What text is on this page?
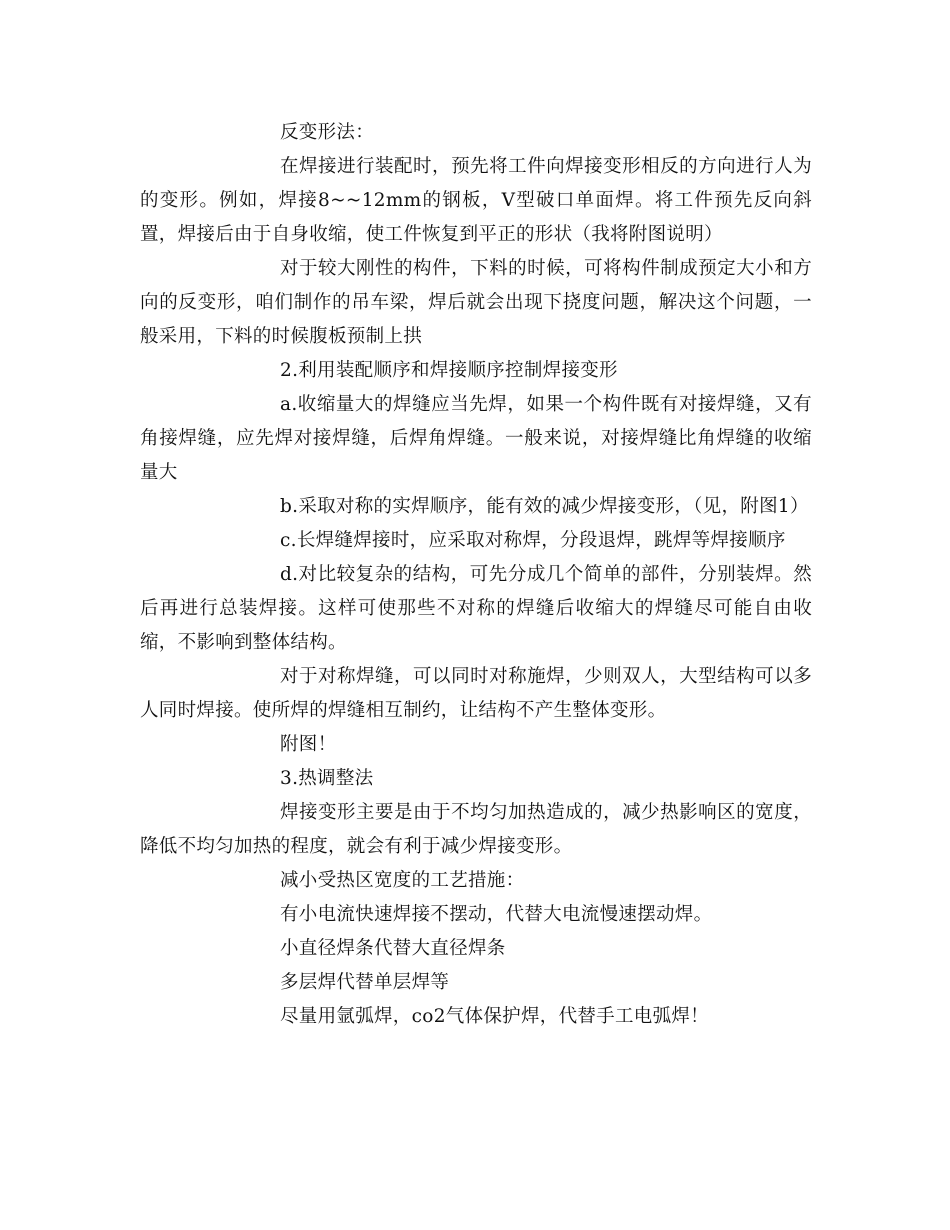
反变形法：

在焊接进行装配时，预先将工件向焊接变形相反的方向进行人为的变形。例如，焊接8~~12mm的钢板，V型破口单面焊。将工件预先反向斜置，焊接后由于自身收缩，使工件恢复到平正的形状（我将附图说明）

对于较大刚性的构件，下料的时候，可将构件制成预定大小和方向的反变形，咱们制作的吊车梁，焊后就会出现下挠度问题，解决这个问题，一般采用，下料的时候腹板预制上拱

2.利用装配顺序和焊接顺序控制焊接变形

a.收缩量大的焊缝应当先焊，如果一个构件既有对接焊缝，又有角接焊缝，应先焊对接焊缝，后焊角焊缝。一般来说，对接焊缝比角焊缝的收缩量大

b.采取对称的实焊顺序，能有效的减少焊接变形，（见，附图1）

c.长焊缝焊接时，应采取对称焊，分段退焊，跳焊等焊接顺序

d.对比较复杂的结构，可先分成几个简单的部件，分别装焊。然后再进行总装焊接。这样可使那些不对称的焊缝后收缩大的焊缝尽可能自由收缩，不影响到整体结构。

对于对称焊缝，可以同时对称施焊，少则双人，大型结构可以多人同时焊接。使所焊的焊缝相互制约，让结构不产生整体变形。

附图！

3.热调整法

焊接变形主要是由于不均匀加热造成的，减少热影响区的宽度，降低不均匀加热的程度，就会有利于减少焊接变形。

减小受热区宽度的工艺措施：

有小电流快速焊接不摆动，代替大电流慢速摆动焊。

小直径焊条代替大直径焊条

多层焊代替单层焊等

尽量用氩弧焊，co2气体保护焊，代替手工电弧焊！
